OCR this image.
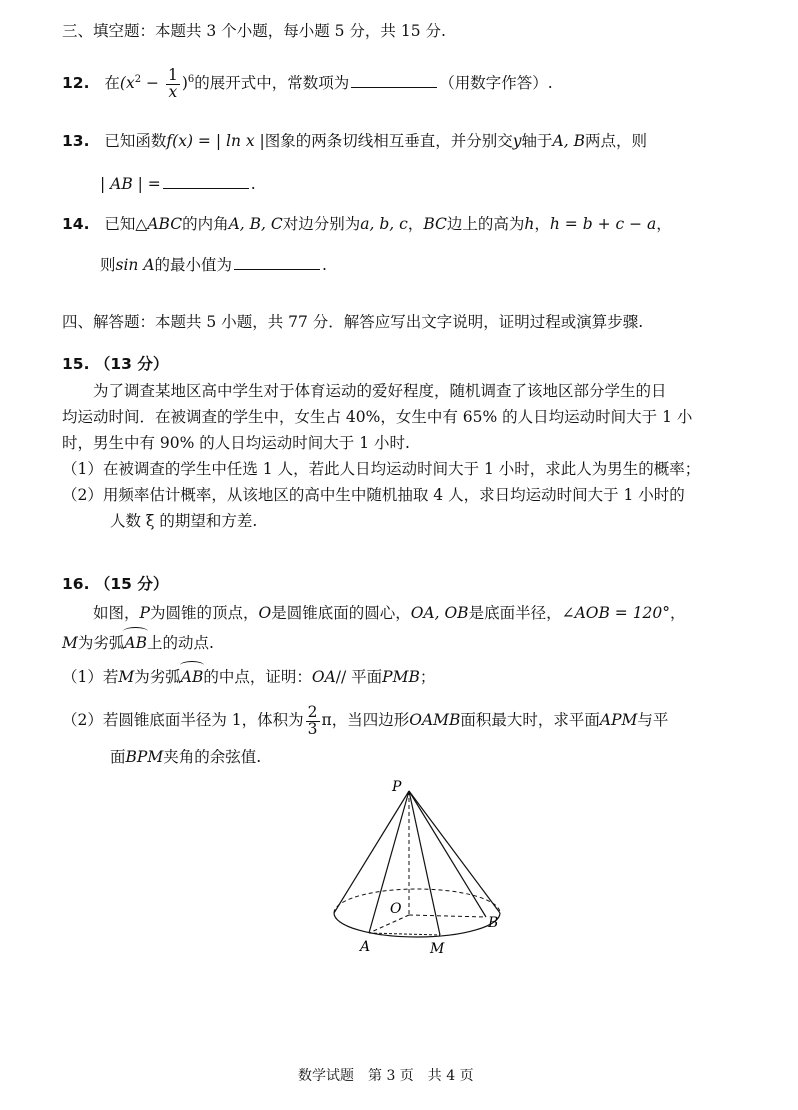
三、填空题：本题共 3 个小题，每小题 5 分，共 15 分.
12. 在$(x^2 - \frac{1}{x} )^6$的展开式中，常数项为	（用数字作答）.
13. 已知函数f(x) = | ln x |图象的两条切线相互垂直，并分别交y轴于A, B两点，则
| AB | =	.
14. 已知△ABC的内角A, B, C对边分别为a, b, c，BC边上的高为h，h = b + c − a，
则sin A的最小值为	.
四、解答题：本题共 5 小题，共 77 分．解答应写出文字说明，证明过程或演算步骤.
15. （13 分）
为了调查某地区高中学生对于体育运动的爱好程度，随机调查了该地区部分学生的日
均运动时间．在被调查的学生中，女生占 40%，女生中有 65% 的人日均运动时间大于 1 小
时，男生中有 90% 的人日均运动时间大于 1 小时.
（1）在被调查的学生中任选 1 人，若此人日均运动时间大于 1 小时，求此人为男生的概率；
（2）用频率估计概率，从该地区的高中生中随机抽取 4 人，求日均运动时间大于 1 小时的
人数 ξ 的期望和方差.
16. （15 分）
如图，P为圆锥的顶点，O是圆锥底面的圆心，OA, OB是底面半径，∠AOB = 120°，
M为劣弧
AB上的动点.
（1）若M为劣弧
AB的中点，证明：OA// 平面PMB；
（2）若圆锥底面半径为 1，体积为 $\frac{2}{3}$ π，当四边形OAMB面积最大时，求平面APM与平
面BPM夹角的余弦值.
P
O
A
B
M
数学试题　第 3 页　共 4 页
